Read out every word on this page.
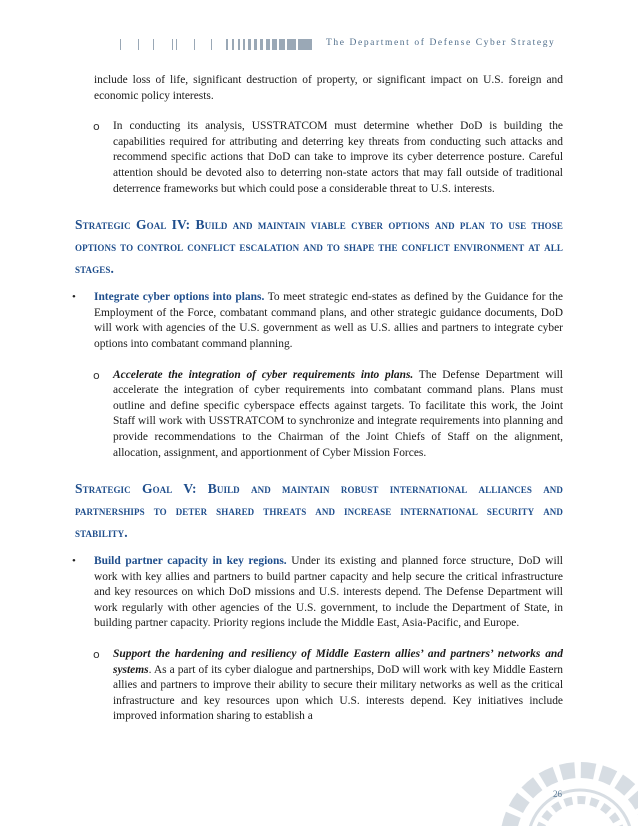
The Department of Defense Cyber Strategy

include loss of life, significant destruction of property, or significant impact on U.S. foreign and economic policy interests.

o In conducting its analysis, USSTRATCOM must determine whether DoD is building the capabilities required for attributing and deterring key threats from conducting such attacks and recommend specific actions that DoD can take to improve its cyber deterrence posture. Careful attention should be devoted also to deterring non-state actors that may fall outside of traditional deterrence frameworks but which could pose a considerable threat to U.S. interests.

Strategic Goal IV: Build and maintain viable cyber options and plan to use those options to control conflict escalation and to shape the conflict environment at all stages.
• Integrate cyber options into plans. To meet strategic end-states as defined by the Guidance for the Employment of the Force, combatant command plans, and other strategic guidance documents, DoD will work with agencies of the U.S. government as well as U.S. allies and partners to integrate cyber options into combatant command planning.

o Accelerate the integration of cyber requirements into plans. The Defense Department will accelerate the integration of cyber requirements into combatant command plans. Plans must outline and define specific cyberspace effects against targets. To facilitate this work, the Joint Staff will work with USSTRATCOM to synchronize and integrate requirements into planning and provide recommendations to the Chairman of the Joint Chiefs of Staff on the alignment, allocation, assignment, and apportionment of Cyber Mission Forces.

Strategic Goal V: Build and maintain robust international alliances and partnerships to deter shared threats and increase international security and stability.
• Build partner capacity in key regions. Under its existing and planned force structure, DoD will work with key allies and partners to build partner capacity and help secure the critical infrastructure and key resources on which DoD missions and U.S. interests depend. The Defense Department will work regularly with other agencies of the U.S. government, to include the Department of State, in building partner capacity. Priority regions include the Middle East, Asia-Pacific, and Europe.

o Support the hardening and resiliency of Middle Eastern allies’ and partners’ networks and systems. As a part of its cyber dialogue and partnerships, DoD will work with key Middle Eastern allies and partners to improve their ability to secure their military networks as well as the critical infrastructure and key resources upon which U.S. interests depend. Key initiatives include improved information sharing to establish a

26
